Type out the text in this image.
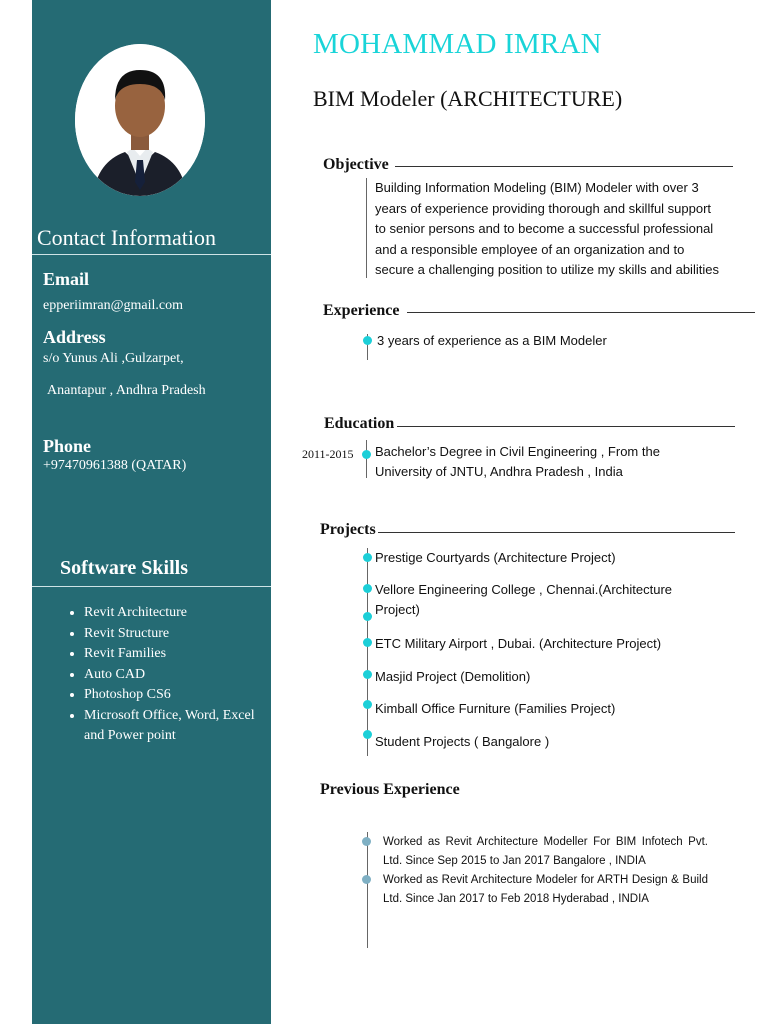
Contact Information
Email
epperiimran@gmail.com
Address
s/o Yunus Ali ,Gulzarpet,
Anantapur , Andhra Pradesh
Phone
+97470961388 (QATAR)
Software Skills
• Revit Architecture
• Revit Structure
• Revit Families
• Auto CAD
• Photoshop CS6
• Microsoft Office, Word, Excel and Power point
MOHAMMAD IMRAN
BIM Modeler (ARCHITECTURE)
Objective
Building Information Modeling (BIM) Modeler with over 3 years of experience providing thorough and skillful support to senior persons and to become a successful professional and a responsible employee of an organization and to secure a challenging position to utilize my skills and abilities
Experience
3 years of experience as a BIM Modeler
Education
2011-2015 Bachelor’s Degree in Civil Engineering , From the University of JNTU, Andhra Pradesh , India
Projects
Prestige Courtyards (Architecture Project)
Vellore Engineering College , Chennai.(Architecture Project)
ETC Military Airport , Dubai. (Architecture Project)
Masjid Project (Demolition)
Kimball Office Furniture (Families Project)
Student Projects ( Bangalore )
Previous Experience
Worked as Revit Architecture Modeller For BIM Infotech Pvt. Ltd. Since Sep 2015 to Jan 2017 Bangalore , INDIA
Worked as Revit Architecture Modeler for ARTH Design & Build Ltd. Since Jan 2017 to Feb 2018 Hyderabad , INDIA
